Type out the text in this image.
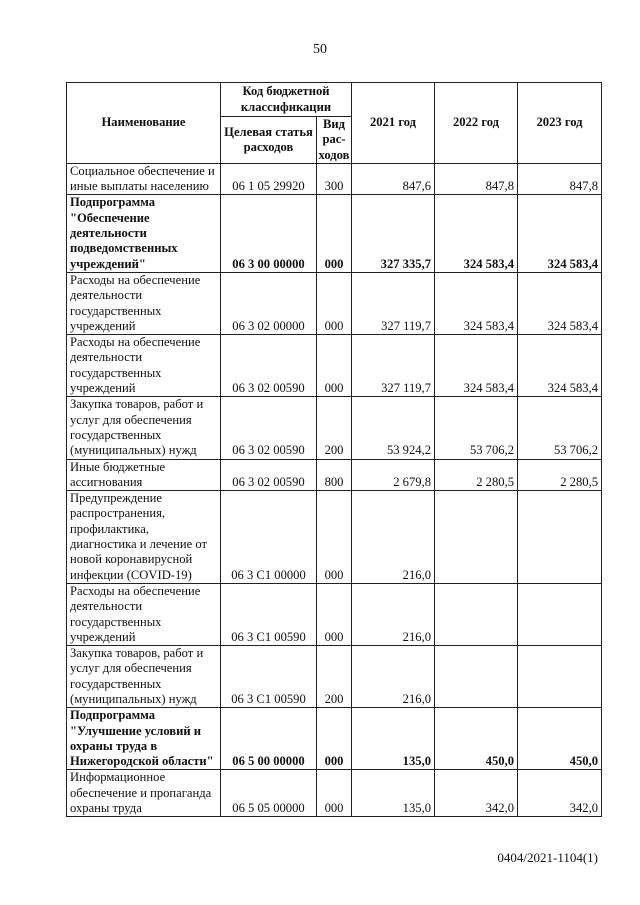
50
Наименование	Код бюджетной классификации		2021 год	2022 год	2023 год
	Целевая статья расходов	Вид рас-ходов			
Социальное обеспечение и иные выплаты населению	06 1 05 29920	300	847,6	847,8	847,8
Подпрограмма "Обеспечение деятельности подведомственных учреждений"	06 3 00 00000	000	327 335,7	324 583,4	324 583,4
Расходы на обеспечение деятельности государственных учреждений	06 3 02 00000	000	327 119,7	324 583,4	324 583,4
Расходы на обеспечение деятельности государственных учреждений	06 3 02 00590	000	327 119,7	324 583,4	324 583,4
Закупка товаров, работ и услуг для обеспечения государственных (муниципальных) нужд	06 3 02 00590	200	53 924,2	53 706,2	53 706,2
Иные бюджетные ассигнования	06 3 02 00590	800	2 679,8	2 280,5	2 280,5
Предупреждение распространения, профилактика, диагностика и лечение от новой коронавирусной инфекции (COVID-19)	06 3 C1 00000	000	216,0		
Расходы на обеспечение деятельности государственных учреждений	06 3 C1 00590	000	216,0		
Закупка товаров, работ и услуг для обеспечения государственных (муниципальных) нужд	06 3 C1 00590	200	216,0		
Подпрограмма "Улучшение условий и охраны труда в Нижегородской области"	06 5 00 00000	000	135,0	450,0	450,0
Информационное обеспечение и пропаганда охраны труда	06 5 05 00000	000	135,0	342,0	342,0
0404/2021-1104(1)
